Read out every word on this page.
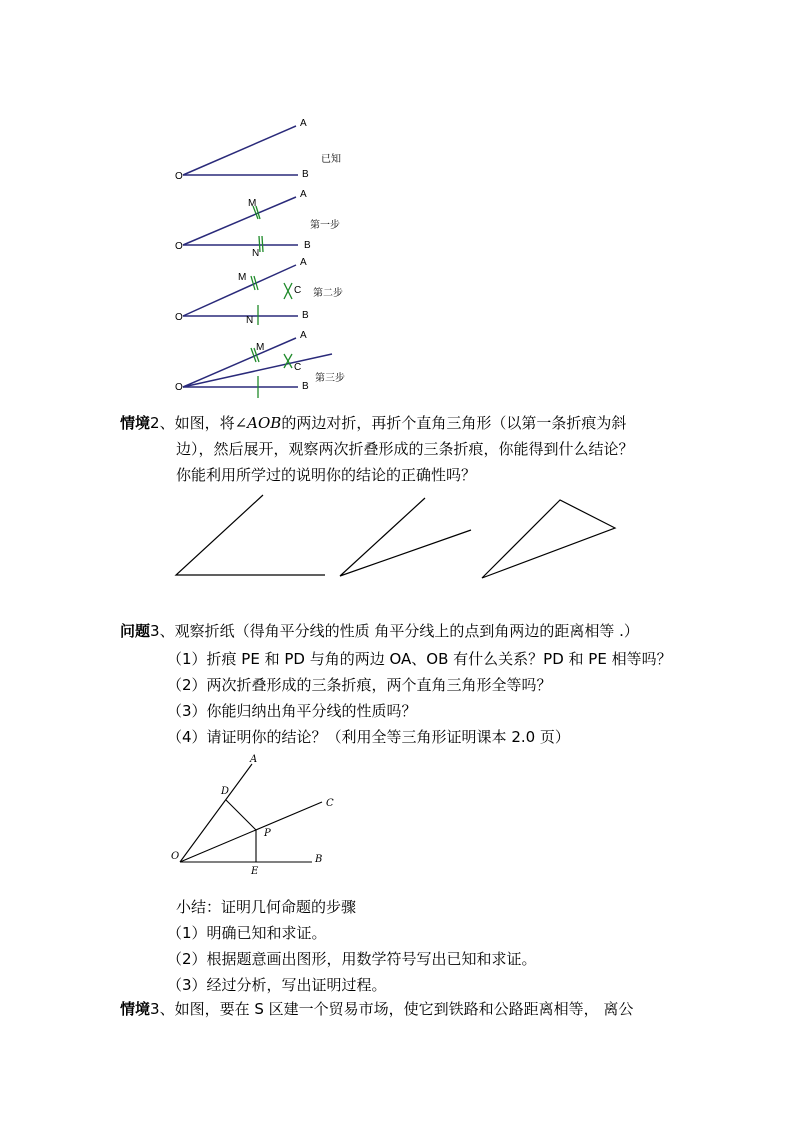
O
A
B
已知
O
A
B
M
N
第一步
O
A
B
M
N
C 第二步
O
A
B
M
C
第三步
情境2、如图，将∠AOB的两边对折，再折个直角三角形（以第一条折痕为斜
边），然后展开，观察两次折叠形成的三条折痕，你能得到什么结论？
你能利用所学过的说明你的结论的正确性吗？
问题3、观察折纸（得角平分线的性质 角平分线上的点到角两边的距离相等 .）
（1）折痕 PE 和 PD 与角的两边 OA、OB 有什么关系？PD 和 PE 相等吗？
（2）两次折叠形成的三条折痕，两个直角三角形全等吗？
（3）你能归纳出角平分线的性质吗？
（4）请证明你的结论？（利用全等三角形证明课本 2.0 页）
A
C
D
P
O	B
E
小结：证明几何命题的步骤
（1）明确已知和求证。
（2）根据题意画出图形，用数学符号写出已知和求证。
（3）经过分析，写出证明过程。
情境3、如图，要在 S 区建一个贸易市场，使它到铁路和公路距离相等， 离公
